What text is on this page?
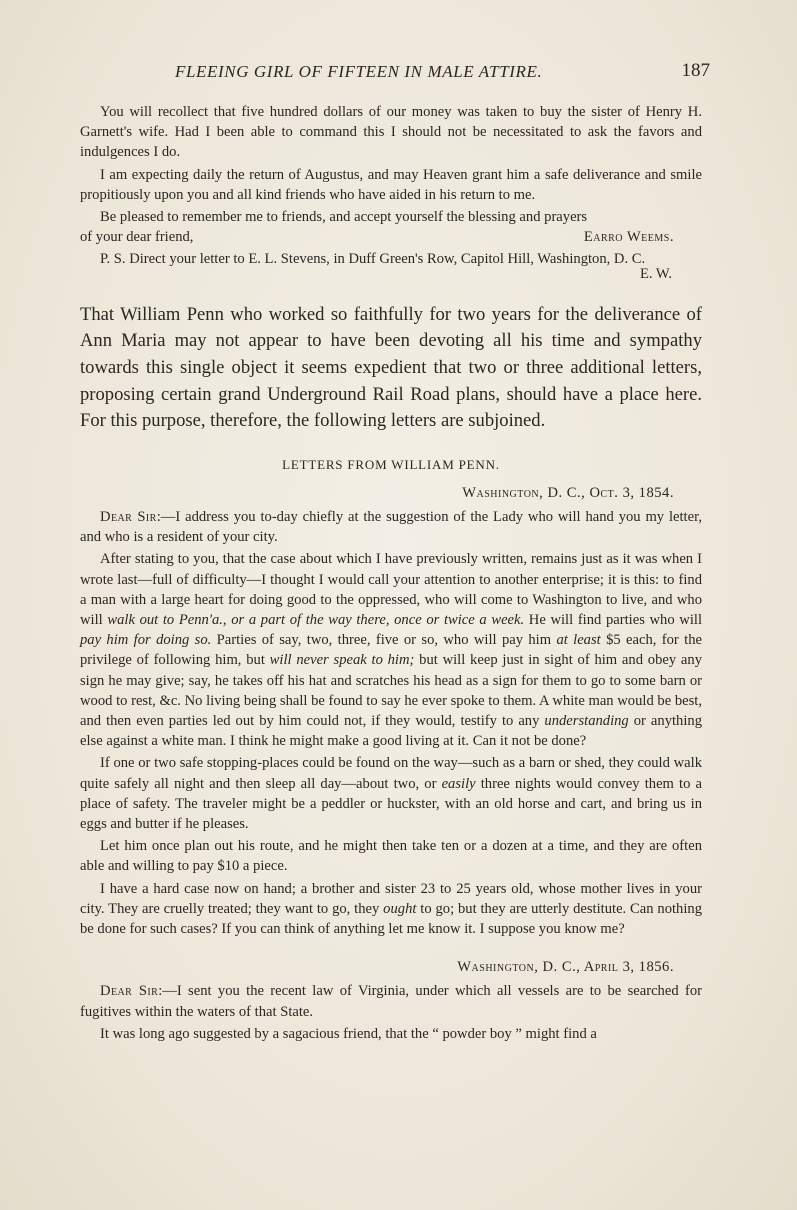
FLEEING GIRL OF FIFTEEN IN MALE ATTIRE.	187

You will recollect that five hundred dollars of our money was taken to buy the sister of Henry H. Garnett's wife. Had I been able to command this I should not be necessitated to ask the favors and indulgences I do.

I am expecting daily the return of Augustus, and may Heaven grant him a safe deliverance and smile propitiously upon you and all kind friends who have aided in his return to me.

Be pleased to remember me to friends, and accept yourself the blessing and prayers

of your dear friend,	Earro Weems.

P. S. Direct your letter to E. L. Stevens, in Duff Green's Row, Capitol Hill, Washington, D. C.

E. W.

That William Penn who worked so faithfully for two years for the deliverance of Ann Maria may not appear to have been devoting all his time and sympathy towards this single object it seems expedient that two or three additional letters, proposing certain grand Underground Rail Road plans, should have a place here. For this purpose, therefore, the following letters are subjoined.

LETTERS FROM WILLIAM PENN.
Washington, D. C., Oct. 3, 1854.

Dear Sir:—I address you to-day chiefly at the suggestion of the Lady who will hand you my letter, and who is a resident of your city.

After stating to you, that the case about which I have previously written, remains just as it was when I wrote last—full of difficulty—I thought I would call your attention to another enterprise; it is this: to find a man with a large heart for doing good to the oppressed, who will come to Washington to live, and who will walk out to Penn'a., or a part of the way there, once or twice a week. He will find parties who will pay him for doing so. Parties of say, two, three, five or so, who will pay him at least $5 each, for the privilege of following him, but will never speak to him; but will keep just in sight of him and obey any sign he may give; say, he takes off his hat and scratches his head as a sign for them to go to some barn or wood to rest, &c. No living being shall be found to say he ever spoke to them. A white man would be best, and then even parties led out by him could not, if they would, testify to any understanding or anything else against a white man. I think he might make a good living at it. Can it not be done?

If one or two safe stopping-places could be found on the way—such as a barn or shed, they could walk quite safely all night and then sleep all day—about two, or easily three nights would convey them to a place of safety. The traveler might be a peddler or huckster, with an old horse and cart, and bring us in eggs and butter if he pleases.

Let him once plan out his route, and he might then take ten or a dozen at a time, and they are often able and willing to pay $10 a piece.

I have a hard case now on hand; a brother and sister 23 to 25 years old, whose mother lives in your city. They are cruelly treated; they want to go, they ought to go; but they are utterly destitute. Can nothing be done for such cases? If you can think of anything let me know it. I suppose you know me?

Washington, D. C., April 3, 1856.

Dear Sir:—I sent you the recent law of Virginia, under which all vessels are to be searched for fugitives within the waters of that State.

It was long ago suggested by a sagacious friend, that the “ powder boy ” might find a
